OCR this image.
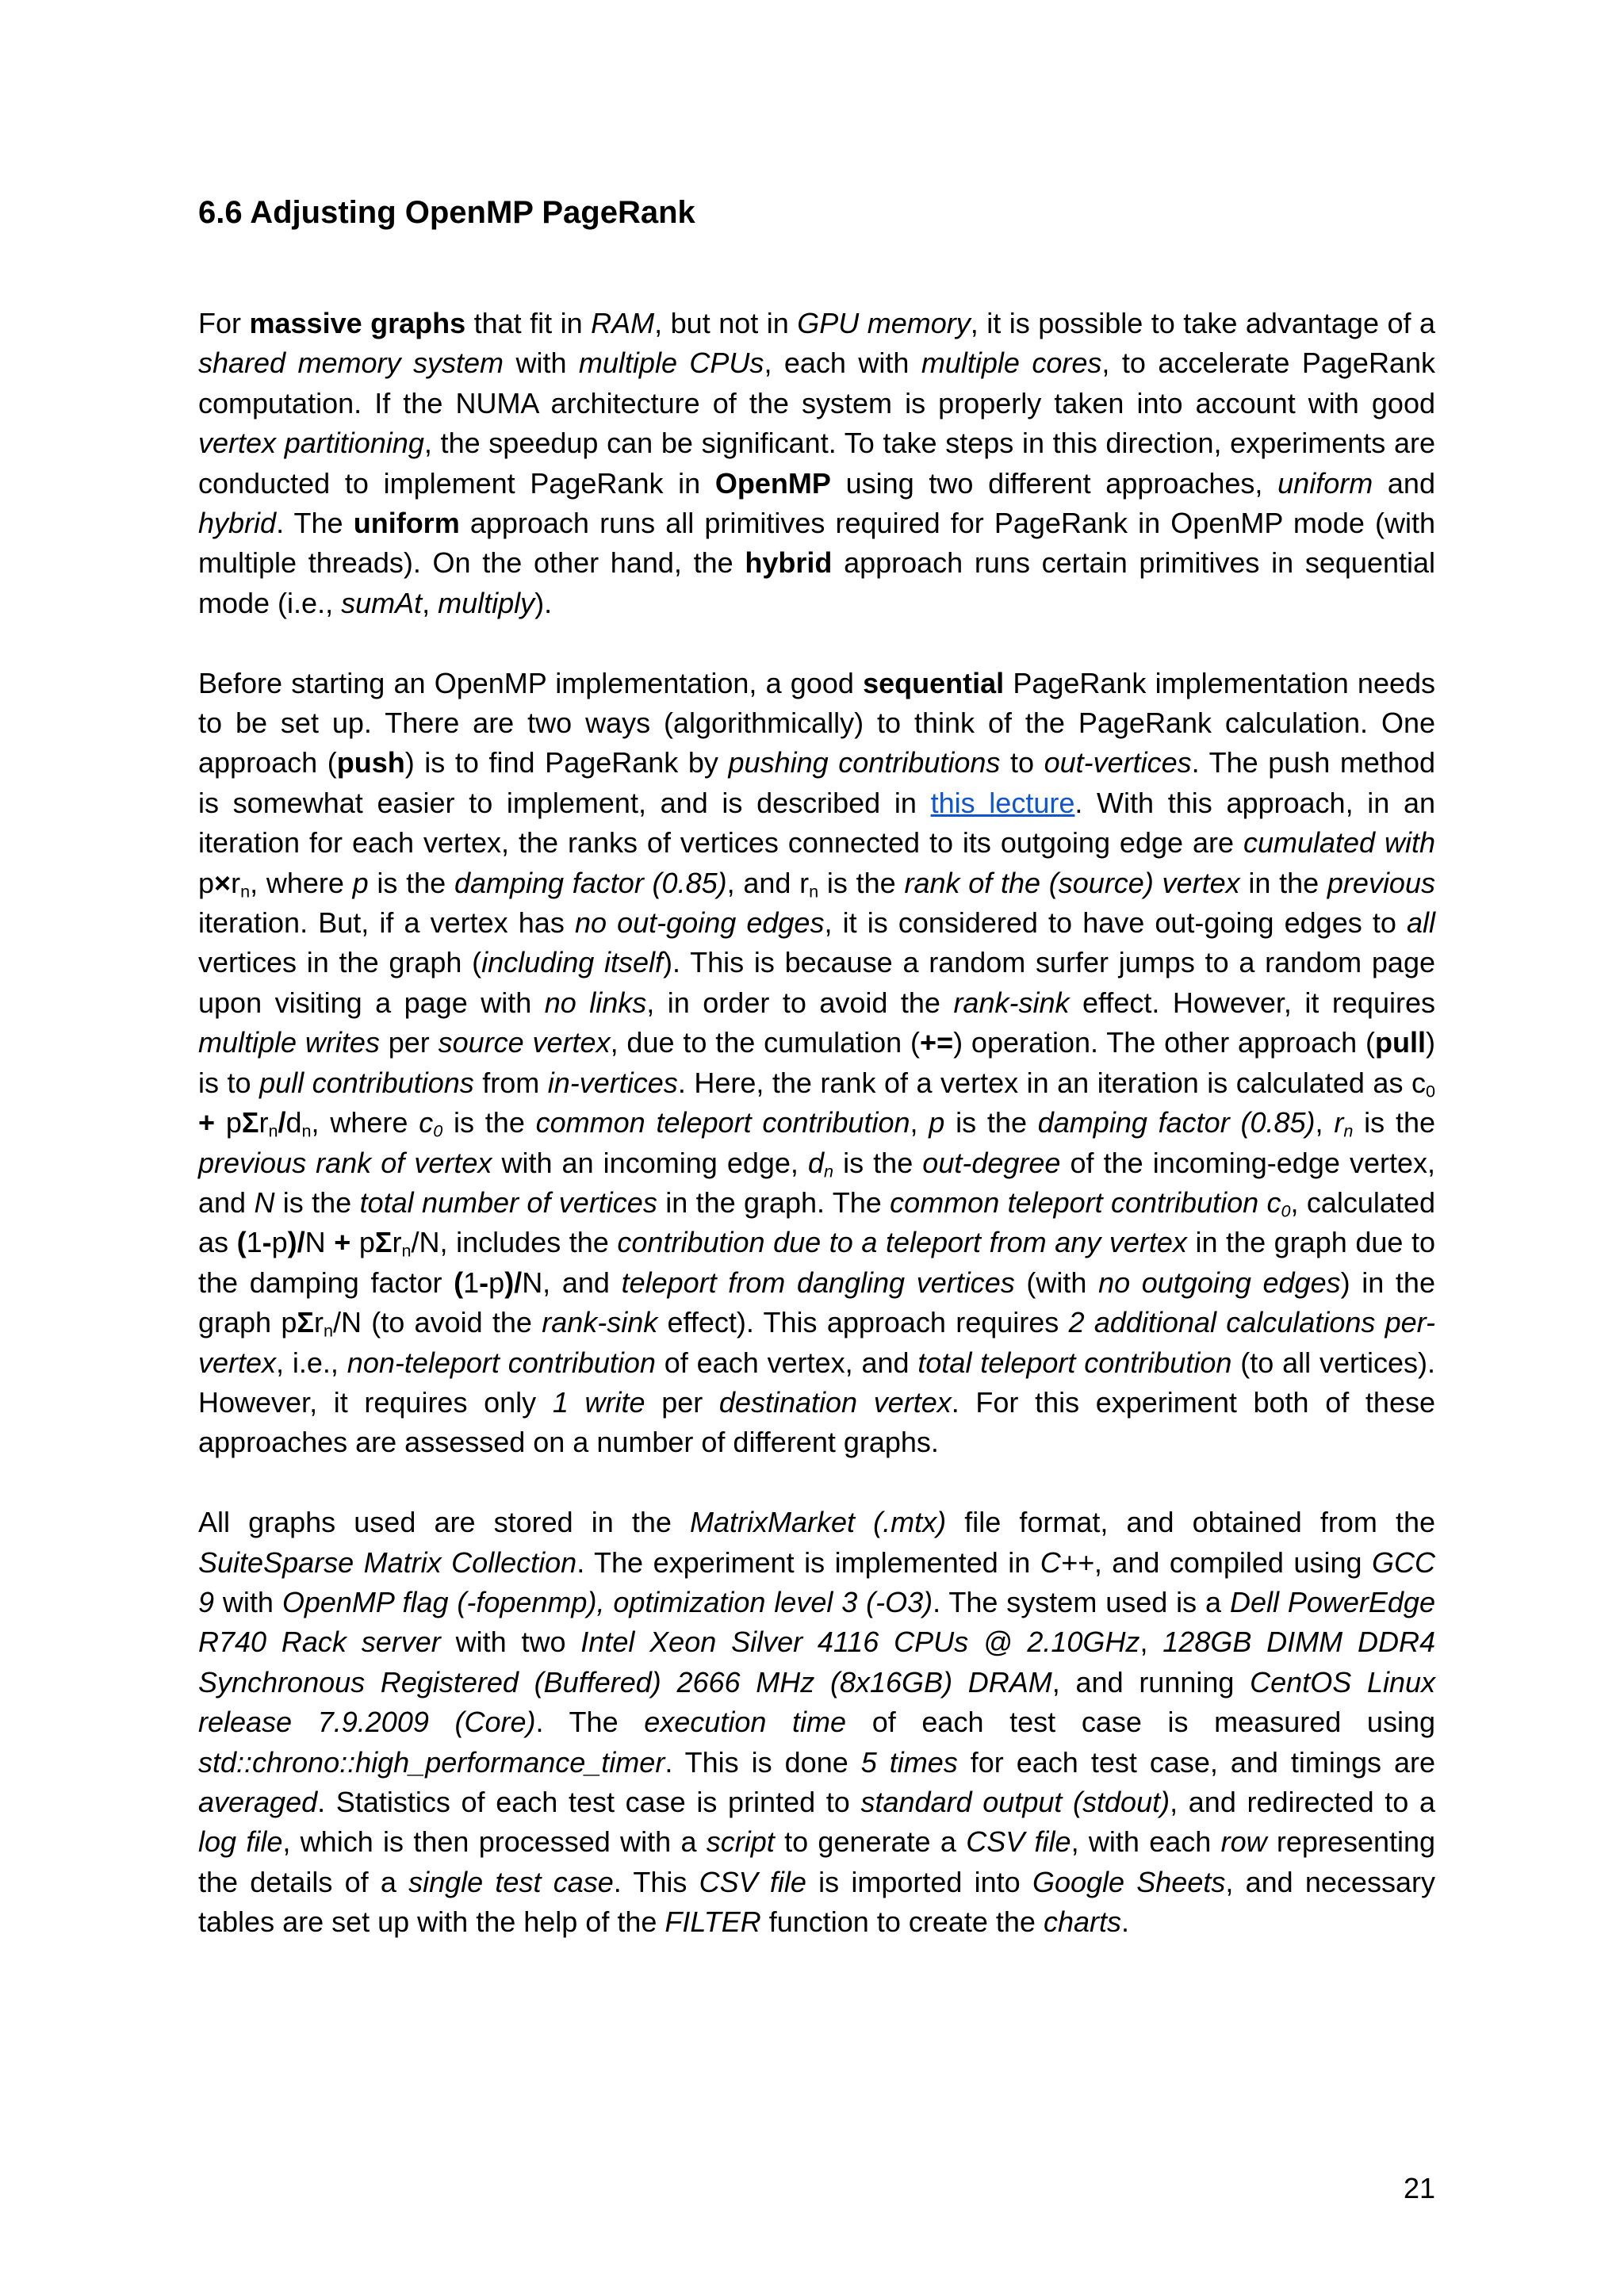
6.6 Adjusting OpenMP PageRank

For massive graphs that fit in RAM, but not in GPU memory, it is possible to take advantage of a shared memory system with multiple CPUs, each with multiple cores, to accelerate PageRank computation. If the NUMA architecture of the system is properly taken into account with good vertex partitioning, the speedup can be significant. To take steps in this direction, experiments are conducted to implement PageRank in OpenMP using two different approaches, uniform and hybrid. The uniform approach runs all primitives required for PageRank in OpenMP mode (with multiple threads). On the other hand, the hybrid approach runs certain primitives in sequential mode (i.e., sumAt, multiply).

Before starting an OpenMP implementation, a good sequential PageRank implementation needs to be set up. There are two ways (algorithmically) to think of the PageRank calculation. One approach (push) is to find PageRank by pushing contributions to out-vertices. The push method is somewhat easier to implement, and is described in this lecture. With this approach, in an iteration for each vertex, the ranks of vertices connected to its outgoing edge are cumulated with $p\times r_n$, where p is the damping factor (0.85), and $r_n$ is the rank of the (source) vertex in the previous iteration. But, if a vertex has no out-going edges, it is considered to have out-going edges to all vertices in the graph (including itself). This is because a random surfer jumps to a random page upon visiting a page with no links, in order to avoid the rank-sink effect. However, it requires multiple writes per source vertex, due to the cumulation (+=) operation. The other approach (pull) is to pull contributions from in-vertices. Here, the rank of a vertex in an iteration is calculated as $c_0 + p\Sigma r_n/d_n$, where $c_0$ is the common teleport contribution, p is the damping factor (0.85), $r_n$ is the previous rank of vertex with an incoming edge, $d_n$ is the out-degree of the incoming-edge vertex, and N is the total number of vertices in the graph. The common teleport contribution $c_0$, calculated as (1-p)/N + pΣr$_n$/N, includes the contribution due to a teleport from any vertex in the graph due to the damping factor (1-p)/N, and teleport from dangling vertices (with no outgoing edges) in the graph pΣr$_n$/N (to avoid the rank-sink effect). This approach requires 2 additional calculations per-vertex, i.e., non-teleport contribution of each vertex, and total teleport contribution (to all vertices). However, it requires only 1 write per destination vertex. For this experiment both of these approaches are assessed on a number of different graphs.

All graphs used are stored in the MatrixMarket (.mtx) file format, and obtained from the SuiteSparse Matrix Collection. The experiment is implemented in C++, and compiled using GCC 9 with OpenMP flag (-fopenmp), optimization level 3 (-O3). The system used is a Dell PowerEdge R740 Rack server with two Intel Xeon Silver 4116 CPUs @ 2.10GHz, 128GB DIMM DDR4 Synchronous Registered (Buffered) 2666 MHz (8x16GB) DRAM, and running CentOS Linux release 7.9.2009 (Core). The execution time of each test case is measured using std::chrono::high_performance_timer. This is done 5 times for each test case, and timings are averaged. Statistics of each test case is printed to standard output (stdout), and redirected to a log file, which is then processed with a script to generate a CSV file, with each row representing the details of a single test case. This CSV file is imported into Google Sheets, and necessary tables are set up with the help of the FILTER function to create the charts.

21
